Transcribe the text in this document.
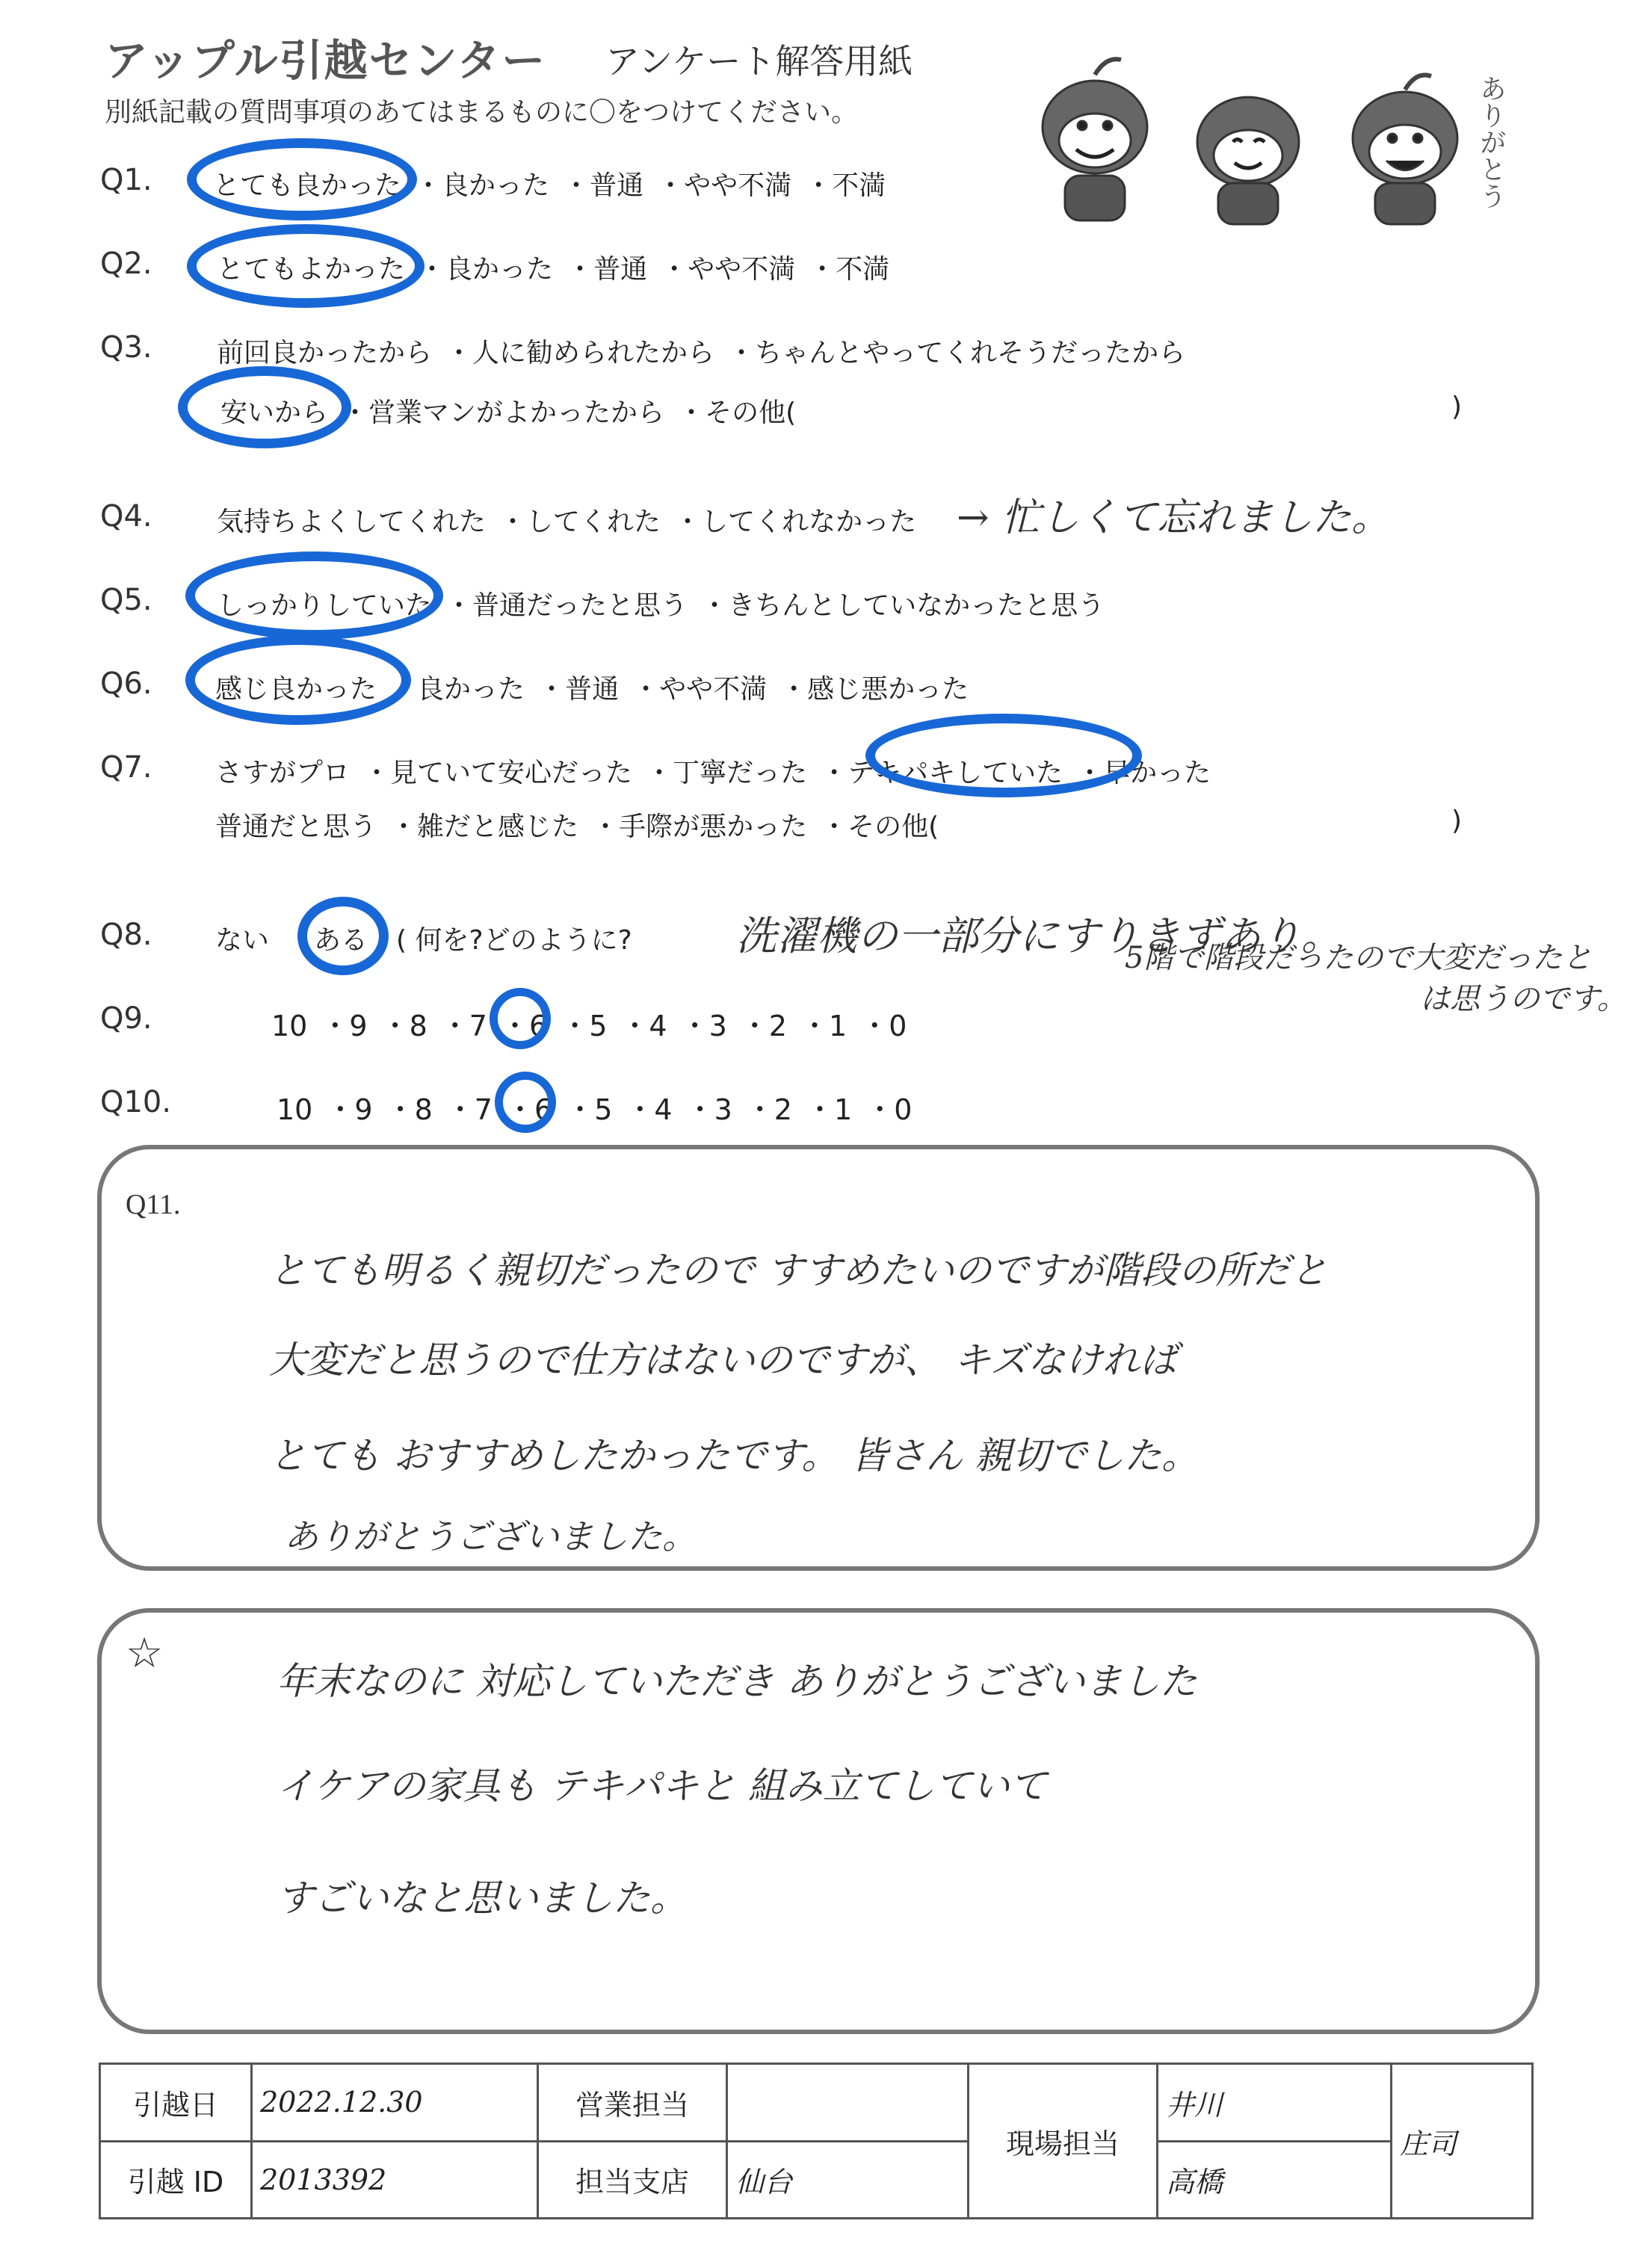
アップル引越センター アンケート解答用紙
別紙記載の質問事項のあてはまるものに〇をつけてください。	ありがとう
Q1. とても良かった ・良かった ・普通 ・やや不満 ・不満
Q2. とてもよかった ・良かった ・普通 ・やや不満 ・不満
Q3. 前回良かったから ・人に勧められたから ・ちゃんとやってくれそうだったから
安いから ・営業マンがよかったから ・その他(	)
Q4. 気持ちよくしてくれた ・してくれた ・してくれなかった → 忙しくて忘れました。
Q5. しっかりしていた ・普通だったと思う ・きちんとしていなかったと思う
Q6. 感じ良かった ・良かった ・普通 ・やや不満 ・感じ悪かった
Q7. さすがプロ ・見ていて安心だった ・丁寧だった ・テキパキしていた ・早かった
普通だと思う ・雑だと感じた ・手際が悪かった ・その他(	)
Q8. ない ある ( 何を?どのように?	洗濯機の一部分にすりきずあり。
5階で階段だったので大変だったと
は思うのです。
Q9.	10 ・9 ・8 ・7 ・6 ・5 ・4 ・3 ・2 ・1 ・0
Q10.	10 ・9 ・8 ・7 ・6 ・5 ・4 ・3 ・2 ・1 ・0
Q11.
とても明るく親切だったので すすめたいのですが階段の所だと
大変だと思うので仕方はないのですが、 キズなければ
とても おすすめしたかったです。 皆さん 親切でした。
ありがとうございました。
☆
年末なのに 対応していただき ありがとうございました
イケアの家具も テキパキと 組み立てしていて
すごいなと思いました。
引越日	2022.12.30	営業担当		現場担当	井川	庄司
引越 ID	2013392	担当支店	仙台		高橋	
